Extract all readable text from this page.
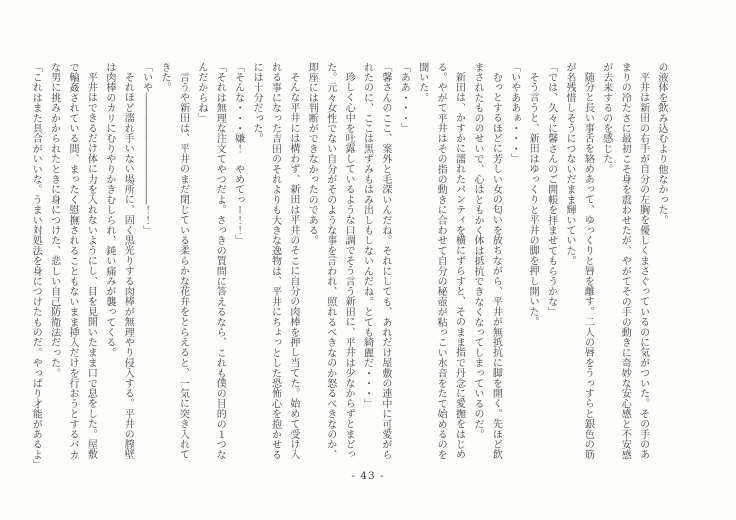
の液体を飲み込むより他なかった。

平井は新田の右手が自分の左胸を優しくまさぐっているのに気がついた。その手のあまりの冷たさに最初こそ身を震わせたが、やがてその手の動きに奇妙な安心感と不安感が去来するのを感じた。

随分と長い事舌を絡めあって、ゆっくりと唇を離す。二人の唇をうっすらと銀色の筋が名残惜しそうにつないだまま輝いていた。

「では、久々に馨さんのご開帳を拝ませてもらうかな」

そう言うと、新田はゆっくりと平井の脚を押し開いた。

「いやああぁ・・・」

むっとするほどに芳しい女の匂いを放ちながら、平井が無抵抗に脚を開く。先ほど飲まされたもののせいで、心はともかく体は抵抗できなくなってしまっているのだ。

新田は、かすかに濡れたパンティを横にずらすと、そのまま指で丹念に愛撫をはじめる。やがて平井はその指の動きに合わせて自分の秘壺が粘っこい水音をたて始めるのを聞いた。

「ああ・・・」

「馨さんのここ、案外と毛深いんだね。それにしても、あれだけ屋敷の連中に可愛がられたのに、ここは黒ずみもはみ出しもしないんだね。とても綺麗だ・・・」

珍しく心中を吐露しているような口調でそう言う新田に、平井は少なからずとまどった。元々女性でない自分がそのような事を言われ、照れるべきなのか怒るべきなのか、即座には判断ができなかったのである。

そんな平井には構わず、新田は平井のそこに自分の肉棒を押し当てた。始めて受け入れる事になった吉田のそれよりも大きな逸物は、平井にちょっとした恐怖心を抱かせるには十分だった。

「そんな・・・嫌！　やめてっー！！」

「それは無理な注文てやつだよ。さっきの質問に答えるなら、これも僕の目的の１つなんだからね」

言うや新田は、平井のまだ閉じている柔らかな花弁をとらえると、一気に突き入れてきた。

「いや―――――――――――！！」

それほど濡れ手いない場所に、固く黒光りする肉棒が無理やり侵入する。平井の膣壁は肉棒のカリにむりやりかきむしられ、鈍い痛みが襲ってくる。

平井はできるだけ体に力を入れないようにし、目を見開いたまま口で息をした。屋敷で輪姦されている間、まったく慰撫されることもないまま挿入だけを行おうとするバカな男に挑みかかられたときに身につけた、悲しい自己防衛法だった。

「これはまた具合がいいな。うまい対処法を身につけたものだ。やっぱり才能があるよ」

- 43 -
